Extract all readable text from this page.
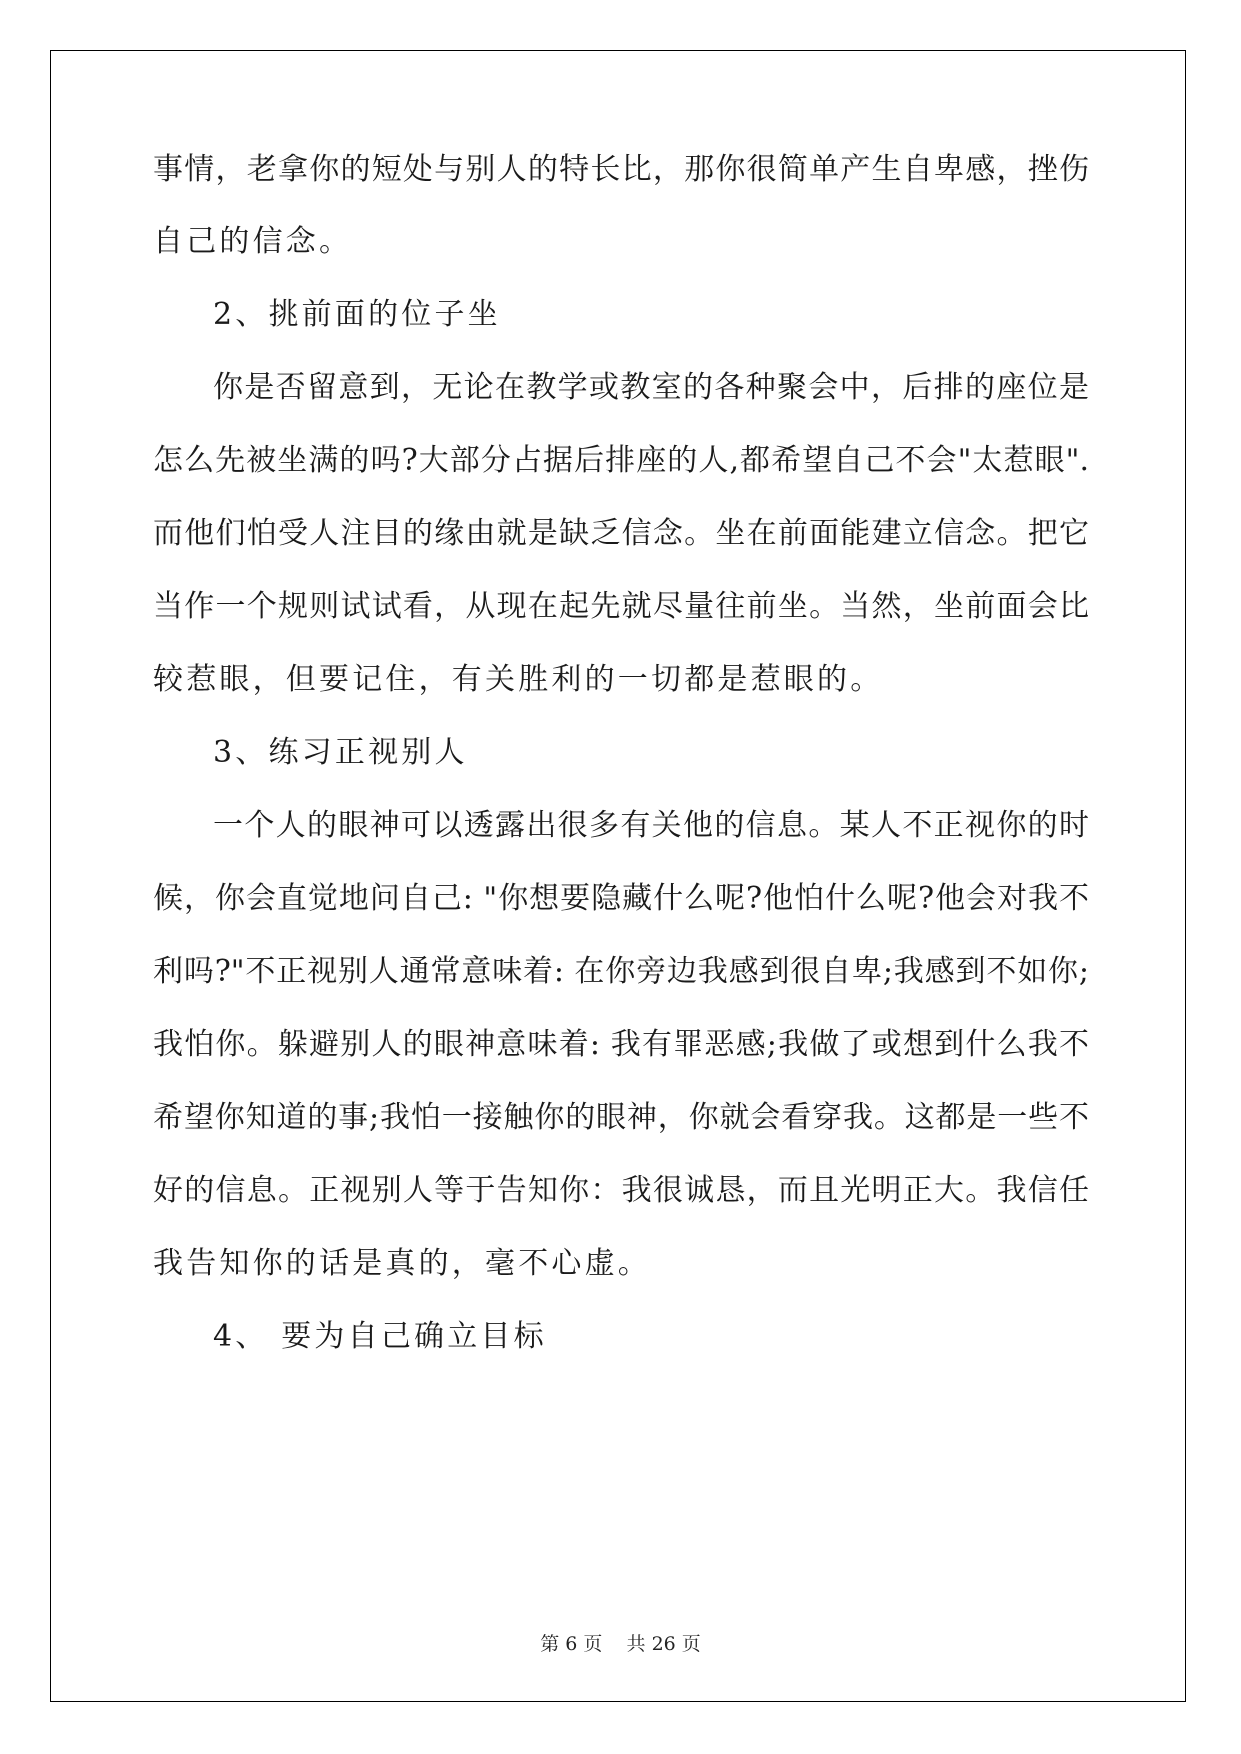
事情，老拿你的短处与别人的特长比，那你很简单产生自卑感，挫伤
自己的信念。
2、挑前面的位子坐
你是否留意到，无论在教学或教室的各种聚会中，后排的座位是
怎么先被坐满的吗?大部分占据后排座的人,都希望自己不会"太惹眼".
而他们怕受人注目的缘由就是缺乏信念。坐在前面能建立信念。把它
当作一个规则试试看，从现在起先就尽量往前坐。当然，坐前面会比
较惹眼，但要记住，有关胜利的一切都是惹眼的。
3、练习正视别人
一个人的眼神可以透露出很多有关他的信息。某人不正视你的时
候，你会直觉地问自己: "你想要隐藏什么呢?他怕什么呢?他会对我不
利吗?"不正视别人通常意味着: 在你旁边我感到很自卑;我感到不如你;
我怕你。躲避别人的眼神意味着: 我有罪恶感;我做了或想到什么我不
希望你知道的事;我怕一接触你的眼神，你就会看穿我。这都是一些不
好的信息。正视别人等于告知你：我很诚恳，而且光明正大。我信任
我告知你的话是真的，毫不心虚。
4、 要为自己确立目标
第 6 页    共 26 页
